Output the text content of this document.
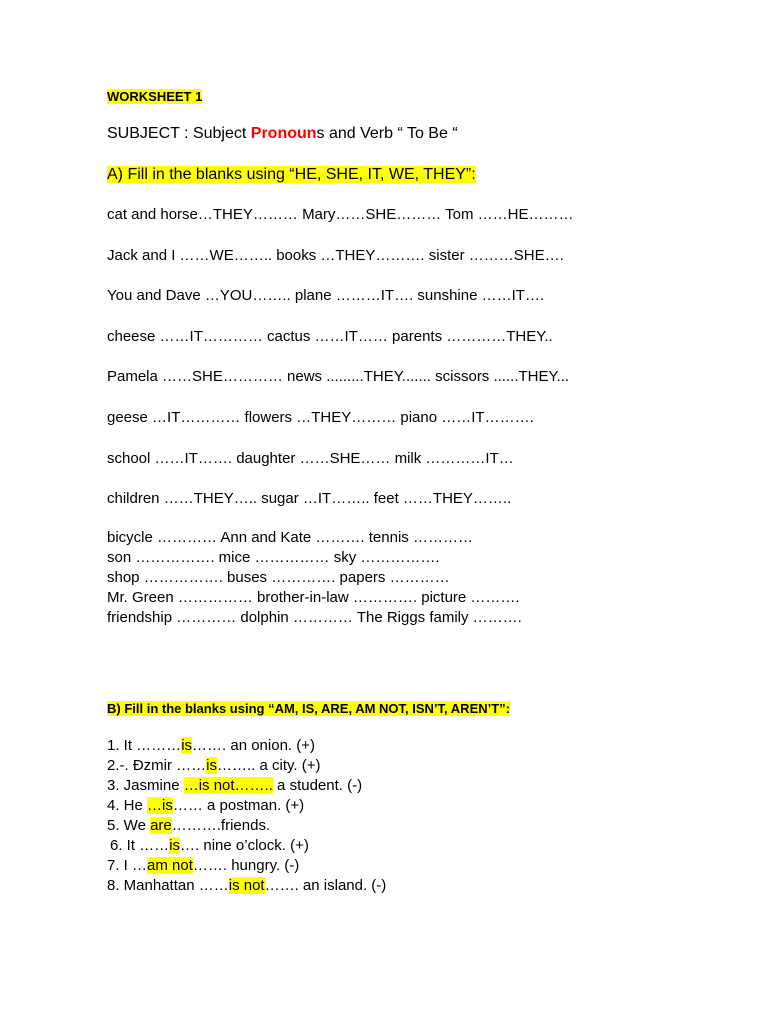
WORKSHEET 1
SUBJECT : Subject Pronouns and Verb “ To Be “
A) Fill in the blanks using “HE, SHE, IT, WE, THEY”:
cat and horse…THEY……… Mary……SHE……… Tom ……HE………
Jack and I ……WE…….. books …THEY………. sister ………SHE….
You and Dave …YOU…….. plane ………IT…. sunshine ……IT….
cheese ……IT………… cactus ……IT…… parents …………THEY..
Pamela ……SHE………… news .........THEY....... scissors ......THEY...
geese …IT………… flowers …THEY……… piano ……IT……….
school ……IT……. daughter ……SHE…… milk …………IT…
children ……THEY….. sugar …IT…….. feet ……THEY……..
bicycle ………… Ann and Kate ………. tennis …………
son ……………. mice …………… sky …………….
shop ……………. buses …………. papers …………
Mr. Green …………… brother-in-law …………. picture ……….
friendship ………… dolphin ………… The Riggs family ……….
B) Fill in the blanks using “AM, IS, ARE, AM NOT, ISN’T, AREN’T”:
1. It ………is……. an onion. (+)
2.-. Đzmir ……is…….. a city. (+)
3. Jasmine …is not…….. a student. (-)
4. He …is…… a postman. (+)
5. We are……….friends.
6. It ……is…. nine o’clock. (+)
7. I …am not……. hungry. (-)
8. Manhattan ……is not……. an island. (-)
